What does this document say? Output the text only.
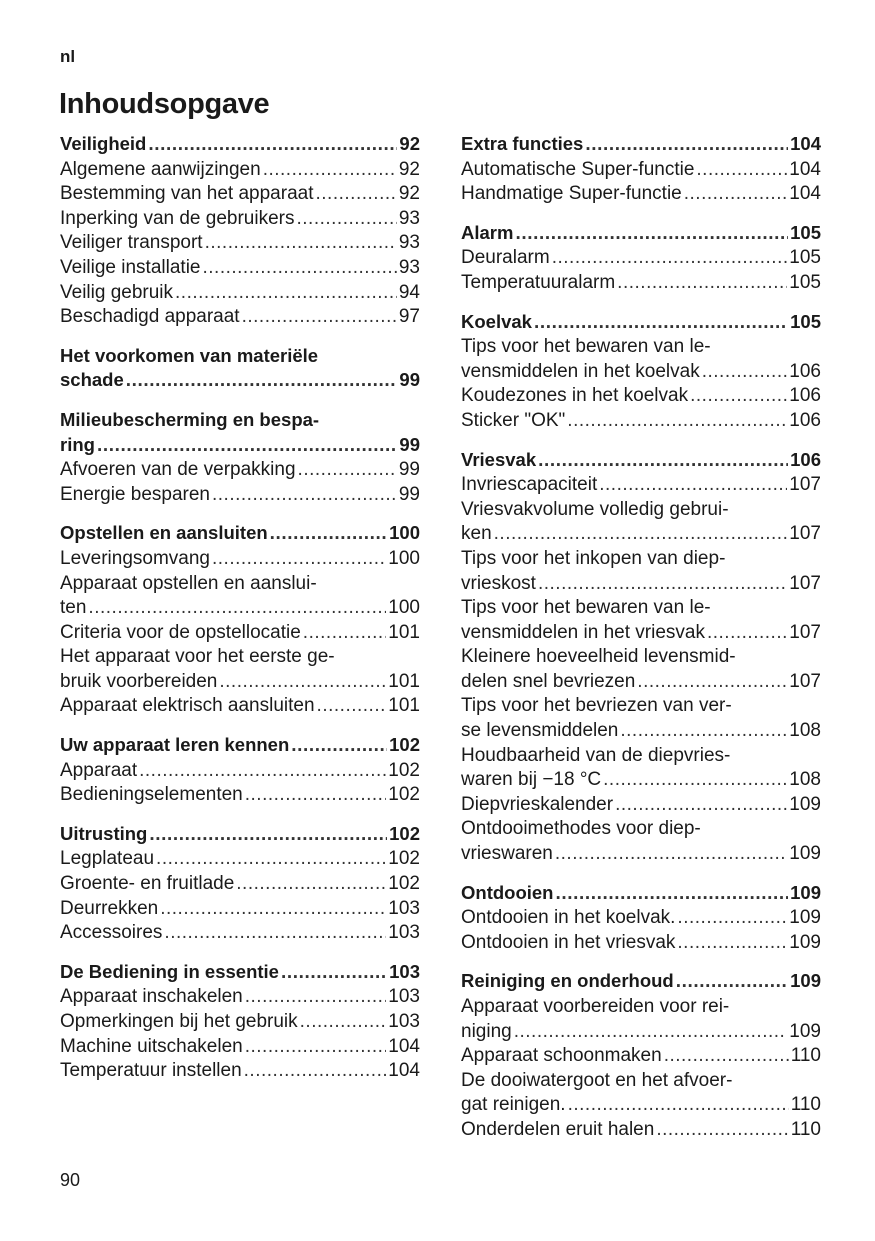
nl
Inhoudsopgave
Veiligheid .....	92
Algemene aanwijzingen .....	92
Bestemming van het apparaat .....	92
Inperking van de gebruikers .....	93
Veiliger transport .....	93
Veilige installatie .....	93
Veilig gebruik .....	94
Beschadigd apparaat .....	97
Het voorkomen van materiële
schade .....	99
Milieubescherming en bespa-
ring .....	99
Afvoeren van de verpakking .....	99
Energie besparen .....	99
Opstellen en aansluiten .....	100
Leveringsomvang .....	100
Apparaat opstellen en aanslui-
ten .....	100
Criteria voor de opstellocatie .....	101
Het apparaat voor het eerste ge-
bruik voorbereiden .....	101
Apparaat elektrisch aansluiten .....	101
Uw apparaat leren kennen .....	102
Apparaat .....	102
Bedieningselementen .....	102
Uitrusting .....	102
Legplateau .....	102
Groente- en fruitlade .....	102
Deurrekken .....	103
Accessoires .....	103
De Bediening in essentie .....	103
Apparaat inschakelen .....	103
Opmerkingen bij het gebruik .....	103
Machine uitschakelen .....	104
Temperatuur instellen .....	104
Extra functies .....	104
Automatische Super-functie .....	104
Handmatige Super-functie .....	104
Alarm .....	105
Deuralarm .....	105
Temperatuuralarm .....	105
Koelvak .....	105
Tips voor het bewaren van le-
vensmiddelen in het koelvak .....	106
Koudezones in het koelvak .....	106
Sticker "OK" .....	106
Vriesvak .....	106
Invriescapaciteit .....	107
Vriesvakvolume volledig gebrui-
ken .....	107
Tips voor het inkopen van diep-
vrieskost .....	107
Tips voor het bewaren van le-
vensmiddelen in het vriesvak .....	107
Kleinere hoeveelheid levensmid-
delen snel bevriezen .....	107
Tips voor het bevriezen van ver-
se levensmiddelen .....	108
Houdbaarheid van de diepvries-
waren bij −18 °C .....	108
Diepvrieskalender .....	109
Ontdooimethodes voor diep-
vrieswaren .....	109
Ontdooien .....	109
Ontdooien in het koelvak. .....	109
Ontdooien in het vriesvak .....	109
Reiniging en onderhoud .....	109
Apparaat voorbereiden voor rei-
niging .....	109
Apparaat schoonmaken .....	110
De dooiwatergoot en het afvoer-
gat reinigen. .....	110
Onderdelen eruit halen .....	110
90
